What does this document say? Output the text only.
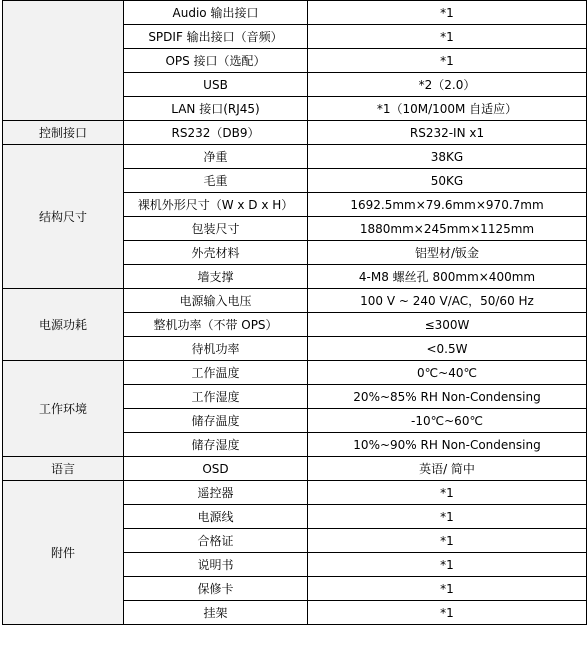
	Audio 输出接口	*1
	SPDIF 输出接口（音频）	*1
	OPS 接口（选配）	*1
	USB	*2（2.0）
	LAN 接口(RJ45)	*1（10M/100M 自适应）
控制接口	RS232（DB9）	RS232-IN x1
结构尺寸	净重	38KG
	毛重	50KG
	裸机外形尺寸（W x D x H）	1692.5mm×79.6mm×970.7mm
	包装尺寸	1880mm×245mm×1125mm
	外壳材料	铝型材/钣金
	墙支撑	4-M8 螺丝孔 800mm×400mm
电源功耗	电源输入电压	100 V ~ 240 V/AC，50/60 Hz
	整机功率（不带 OPS）	≤300W
	待机功率	<0.5W
工作环境	工作温度	0℃~40℃
	工作湿度	20%~85% RH Non-Condensing
	储存温度	-10℃~60℃
	储存湿度	10%~90% RH Non-Condensing
语言	OSD	英语/ 简中
附件	遥控器	*1
	电源线	*1
	合格证	*1
	说明书	*1
	保修卡	*1
	挂架	*1
